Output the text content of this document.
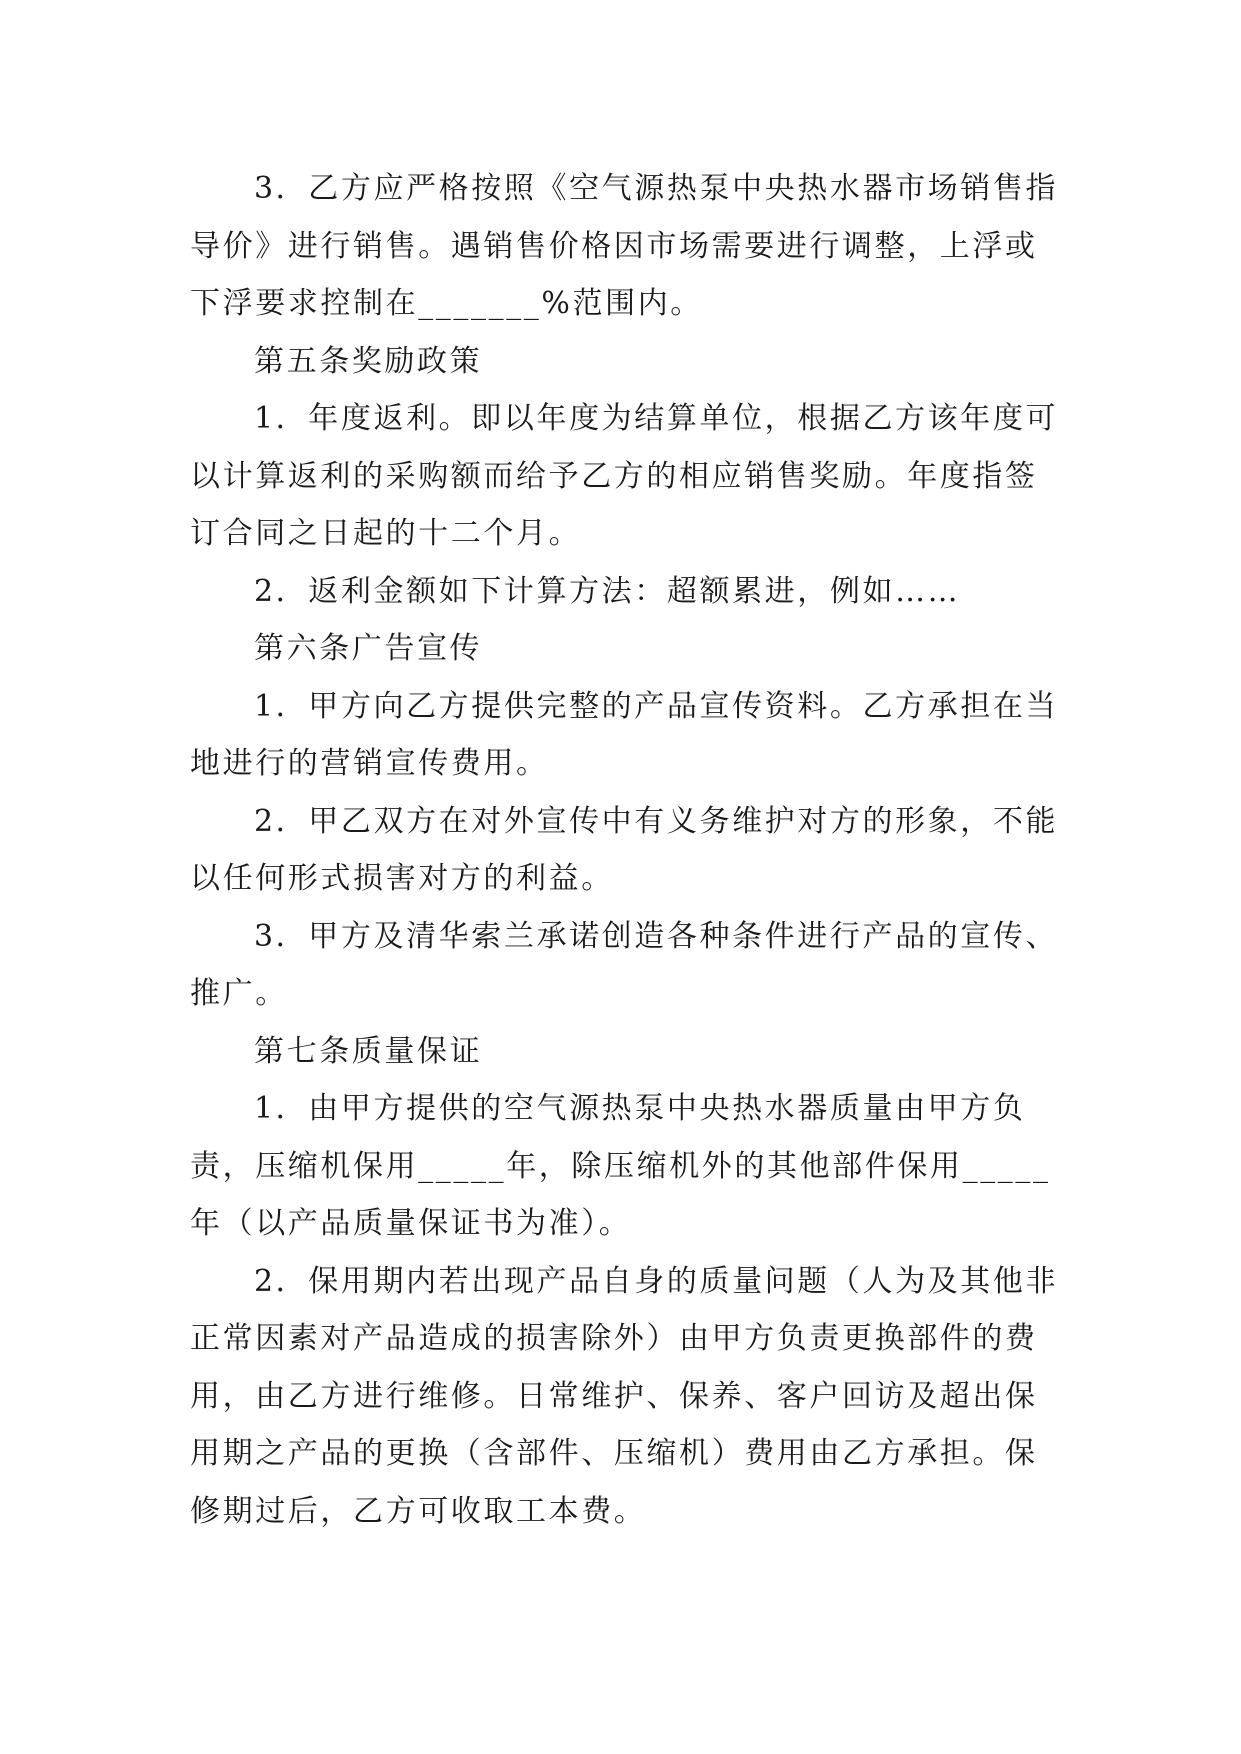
3．乙方应严格按照《空气源热泵中央热水器市场销售指导价》进行销售。遇销售价格因市场需要进行调整，上浮或下浮要求控制在_______%范围内。

第五条奖励政策

1．年度返利。即以年度为结算单位，根据乙方该年度可以计算返利的采购额而给予乙方的相应销售奖励。年度指签订合同之日起的十二个月。

2．返利金额如下计算方法：超额累进，例如……

第六条广告宣传

1．甲方向乙方提供完整的产品宣传资料。乙方承担在当地进行的营销宣传费用。

2．甲乙双方在对外宣传中有义务维护对方的形象，不能以任何形式损害对方的利益。

3．甲方及清华索兰承诺创造各种条件进行产品的宣传、推广。

第七条质量保证

1．由甲方提供的空气源热泵中央热水器质量由甲方负责，压缩机保用_____年，除压缩机外的其他部件保用_____年（以产品质量保证书为准）。

2．保用期内若出现产品自身的质量问题（人为及其他非正常因素对产品造成的损害除外）由甲方负责更换部件的费用，由乙方进行维修。日常维护、保养、客户回访及超出保用期之产品的更换（含部件、压缩机）费用由乙方承担。保修期过后，乙方可收取工本费。
